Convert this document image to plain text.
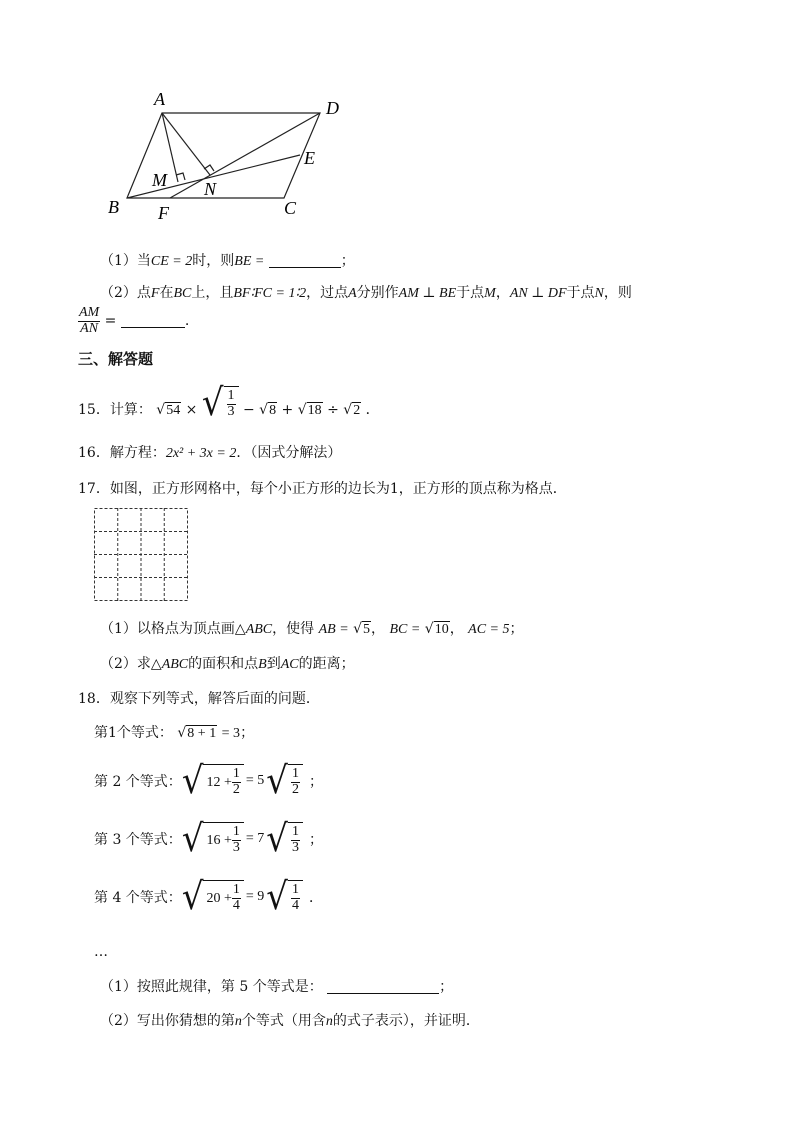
A	D
E
M N
B F	C
（1）当CE = 2时，则BE =	；
（2）点F在BC上，且BF∶FC = 1∶2，过点A分别作AM ⊥ BE于点M，AN ⊥ DF于点N，则
$\frac{AM}{AN}$ =	.
三、解答题
15．计算： √54 × √ $\frac{1}{3} - √8 + √18 \div √2$ ．
16．解方程：2x² + 3x = 2．（因式分解法）
17．如图，正方形网格中，每个小正方形的边长为1，正方形的顶点称为格点．
（1）以格点为顶点画△ABC，使得 AB = √5， BC = √10， AC = 5；
（2）求△ABC的面积和点B到AC的距离；
18．观察下列等式，解答后面的问题．
第1个等式： √8 + 1 = 3；
第 2 个等式： √ $12 + \frac{1}{2} = 5$ √ $\frac{1}{2}$ ；
第 3 个等式： √ $16 + \frac{1}{3} = 7$ √ $\frac{1}{3}$ ；
第 4 个等式： √ $20 + \frac{1}{4} = 9$ √ $\frac{1}{4}$ ．
…
（1）按照此规律，第 5 个等式是：	；
（2）写出你猜想的第n个等式（用含n的式子表示），并证明．
